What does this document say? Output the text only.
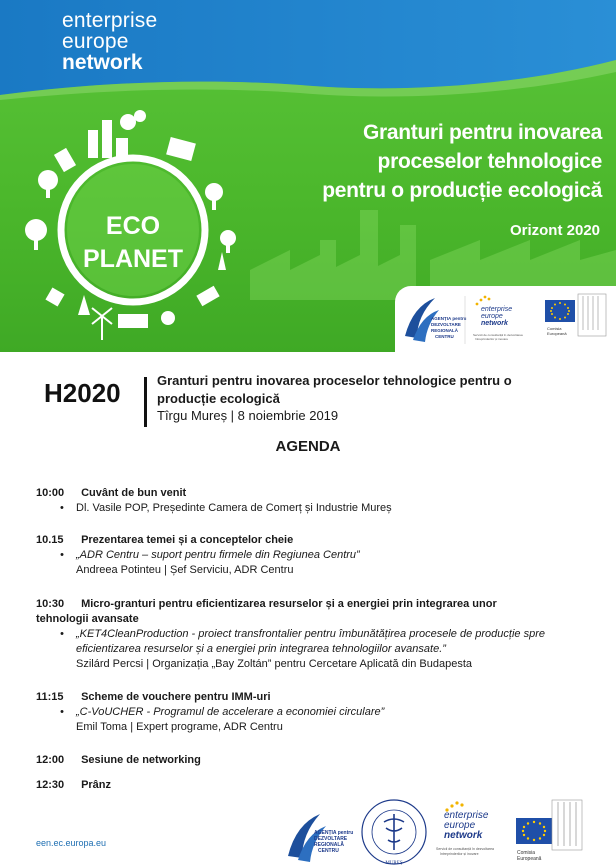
enterprise
europe
network
ECO
PLANET
Granturi pentru inovarea
proceselor tehnologice
pentru o producție ecologică
Orizont 2020
AGENȚIA pentru
DEZVOLTARE
REGIONALĂ
CENTRU
enterprise
europe
network
Servicii de consultanță în dezvoltarea
întreprinderilor și inovare
Comisia
Europeană
H2020	Granturi pentru inovarea proceselor tehnologice pentru o producție ecologică
Tîrgu Mureș | 8 noiembrie 2019
AGENDA
10:00 Cuvânt de bun venit
• Dl. Vasile POP, Președinte Camera de Comerț și Industrie Mureș
10.15 Prezentarea temei și a conceptelor cheie
• „ADR Centru – suport pentru firmele din Regiunea Centru”
Andreea Potinteu | Șef Serviciu, ADR Centru
10:30 Micro-granturi pentru eficientizarea resurselor și a energiei prin integrarea unor
tehnologii avansate
• „KET4CleanProduction - proiect transfrontalier pentru îmbunătățirea procesele de producție spre
eficientizarea resurselor și a energiei prin integrarea tehnologiilor avansate.”
Szilárd Percsi | Organizația „Bay Zoltán” pentru Cercetare Aplicată din Budapesta
11:15 Scheme de vouchere pentru IMM-uri
• „C-VoUCHER - Programul de accelerare a economiei circulare”
Emil Toma | Expert programe, ADR Centru
12:00 Sesiune de networking
12:30 Prânz
een.ec.europa.eu
AGENȚIA pentru
DEZVOLTARE
REGIONALĂ
CENTRU
MUREȘ
enterprise
europe
network
Servicii de consultanță în dezvoltarea
întreprinderilor și inovare	Comisia
Europeană
